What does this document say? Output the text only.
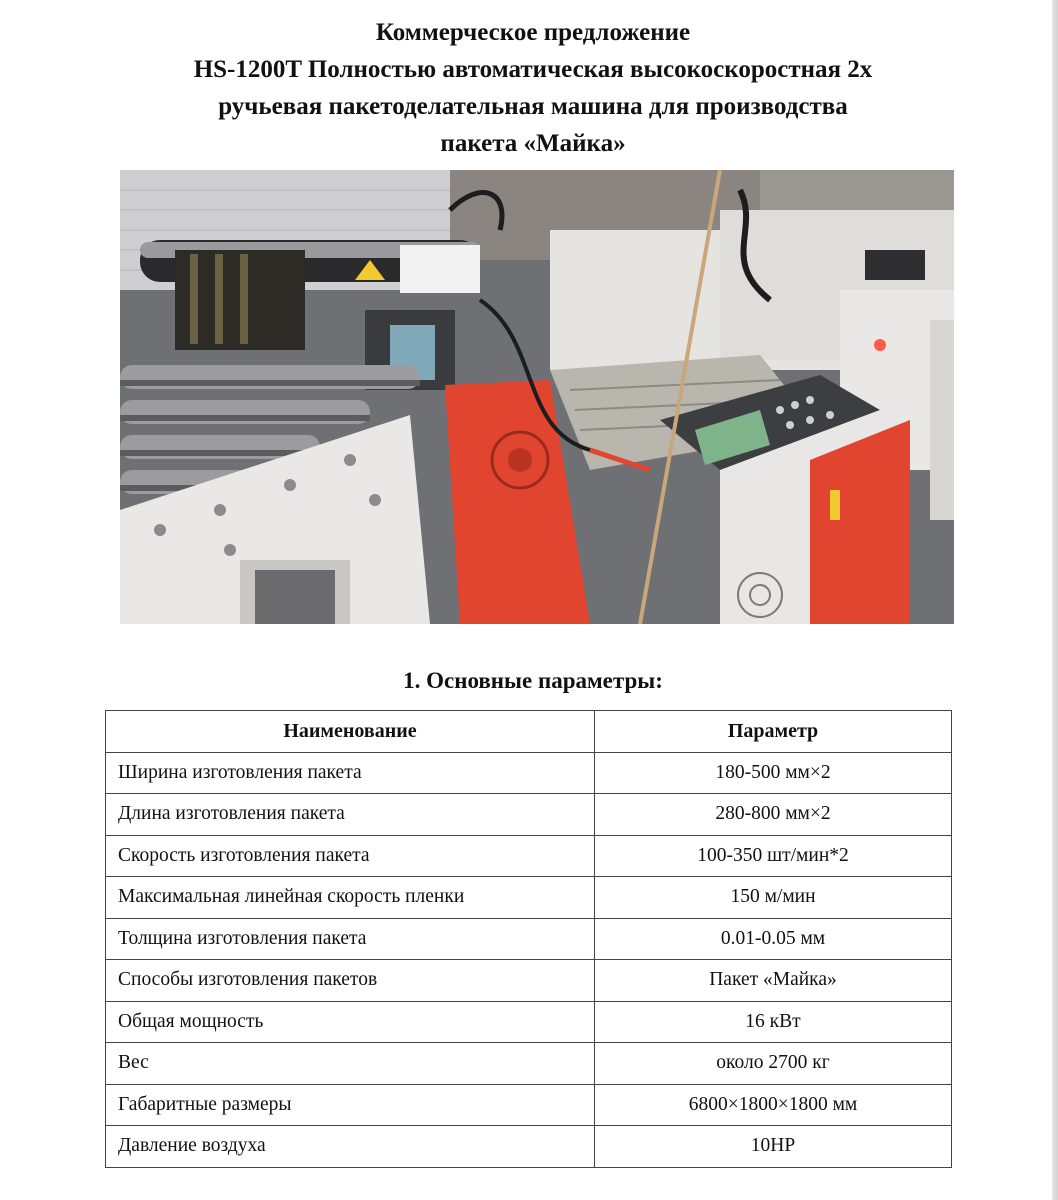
Коммерческое предложение
HS-1200T Полностью автоматическая высокоскоростная 2х
ручьевая пакетоделательная машина для производства
пакета «Майка»
1. Основные параметры:
Наименование	Параметр
Ширина изготовления пакета	180-500 мм×2
Длина изготовления пакета	280-800 мм×2
Скорость изготовления пакета	100-350 шт/мин*2
Максимальная линейная скорость пленки	150 м/мин
Толщина изготовления пакета	0.01-0.05 мм
Способы изготовления пакетов	Пакет «Майка»
Общая мощность	16 кВт
Вес	около 2700 кг
Габаритные размеры	6800×1800×1800 мм
Давление воздуха	10HP
